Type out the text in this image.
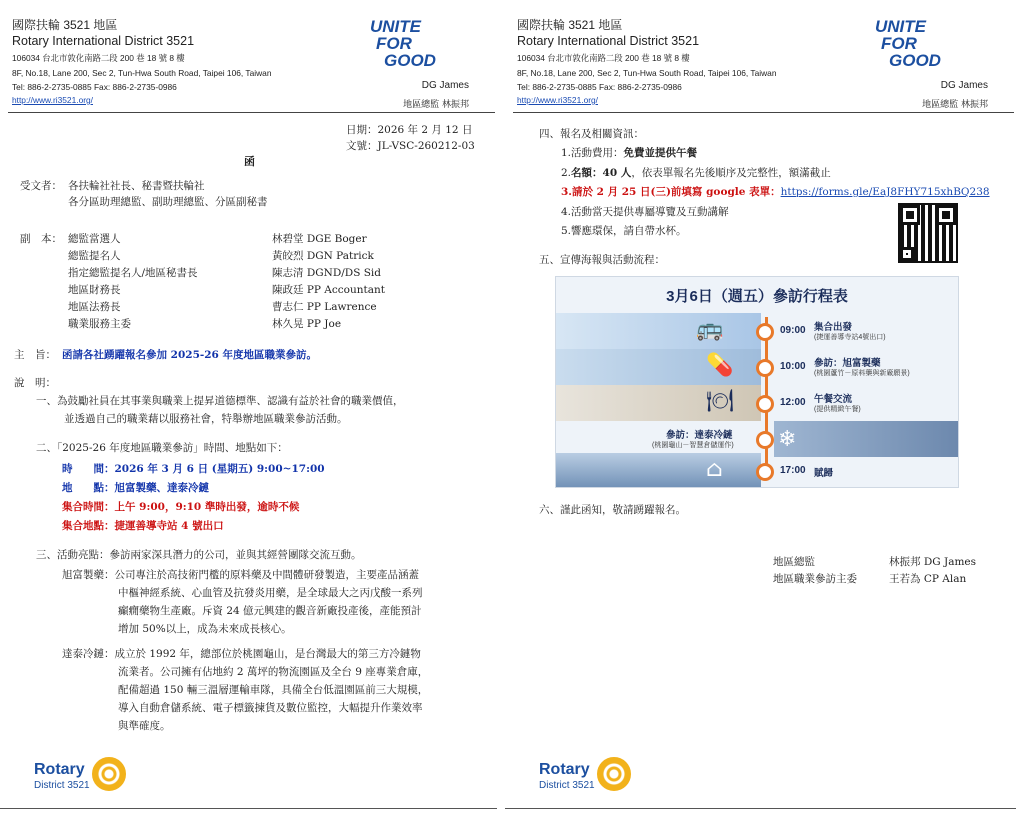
國際扶輪 3521 地區
Rotary International District 3521
106034 台北市敦化南路二段 200 巷 18 號 8 樓
8F, No.18, Lane 200, Sec 2, Tun-Hwa South Road, Taipei 106, Taiwan
Tel: 886-2-2735-0885 Fax: 886-2-2735-0986
http://www.ri3521.org/
UNITE
FOR
GOOD
DG James
地區總監 林振邦
日期：2026 年 2 月 12 日
文號：JL-VSC-260212-03
函
受文者： 各扶輪社社長、秘書暨扶輪社
各分區助理總監、副助理總監、分區副秘書
副　本： 總監當選人	林碧堂 DGE Boger
總監提名人	黃皎烈 DGN Patrick
指定總監提名人/地區秘書長	陳志清 DGND/DS Sid
地區財務長	陳政廷 PP Accountant
地區法務長	曹志仁 PP Lawrence
職業服務主委	林久晃 PP Joe
主　旨： 函請各社踴躍報名參加 2025-26 年度地區職業參訪。
說　明：
一、為鼓勵社員在其事業與職業上提昇道德標準、認識有益於社會的職業價值，
並透過自己的職業藉以服務社會，特舉辦地區職業參訪活動。
二、「2025-26 年度地區職業參訪」時間、地點如下：
時　　間：2026 年 3 月 6 日 (星期五) 9:00~17:00
地　　點：旭富製藥、達泰冷鏈
集合時間：上午 9:00，9:10 準時出發，逾時不候
集合地點：捷運善導寺站 4 號出口
三、活動亮點：參訪兩家深具潛力的公司，並與其經營團隊交流互動。
旭富製藥：公司專注於高技術門檻的原料藥及中間體研發製造，主要產品涵蓋
中樞神經系統、心血管及抗發炎用藥，是全球最大之丙戊酸一系列
癲癇藥物生產廠。斥資 24 億元興建的觀音新廠投產後，產能預計
增加 50%以上，成為未來成長核心。
達泰冷鏈：成立於 1992 年，總部位於桃園龜山，是台灣最大的第三方冷鏈物
流業者。公司擁有佔地約 2 萬坪的物流園區及全台 9 座專業倉庫，
配備超過 150 輛三溫層運輸車隊，具備全台低溫園區前三大規模，
導入自動倉儲系統、電子標籤揀貨及數位監控，大幅提升作業效率
與準確度。
Rotary
District 3521
國際扶輪 3521 地區
Rotary International District 3521
106034 台北市敦化南路二段 200 巷 18 號 8 樓
8F, No.18, Lane 200, Sec 2, Tun-Hwa South Road, Taipei 106, Taiwan
Tel: 886-2-2735-0885 Fax: 886-2-2735-0986
http://www.ri3521.org/
UNITE
FOR
GOOD
DG James
地區總監 林振邦
四、報名及相關資訊：
1.活動費用：免費並提供午餐
2.名額：40 人，依表單報名先後順序及完整性，額滿截止
3.請於 2 月 25 日(三)前填寫 google 表單：https://forms.gle/EaJ8FHY715xhBQ238
4.活動當天提供專屬導覽及互動講解
5.響應環保，請自帶水杯。
五、宣傳海報與活動流程：
3月6日（週五）參訪行程表
🚌	09:00 集合出發
(捷運善導寺站4號出口)
💊	10:00 參訪：旭富製藥
(桃園蘆竹－原料藥與新廠願景)
🍽	12:00 午餐交流
(提供精緻午餐)
❄
參訪：達泰冷鏈
(桃園龜山－智慧倉儲運作)
⌂	17:00 賦歸
六、謹此函知，敬請踴躍報名。
地區總監	林振邦 DG James
地區職業參訪主委	王若為 CP Alan
Rotary
District 3521
